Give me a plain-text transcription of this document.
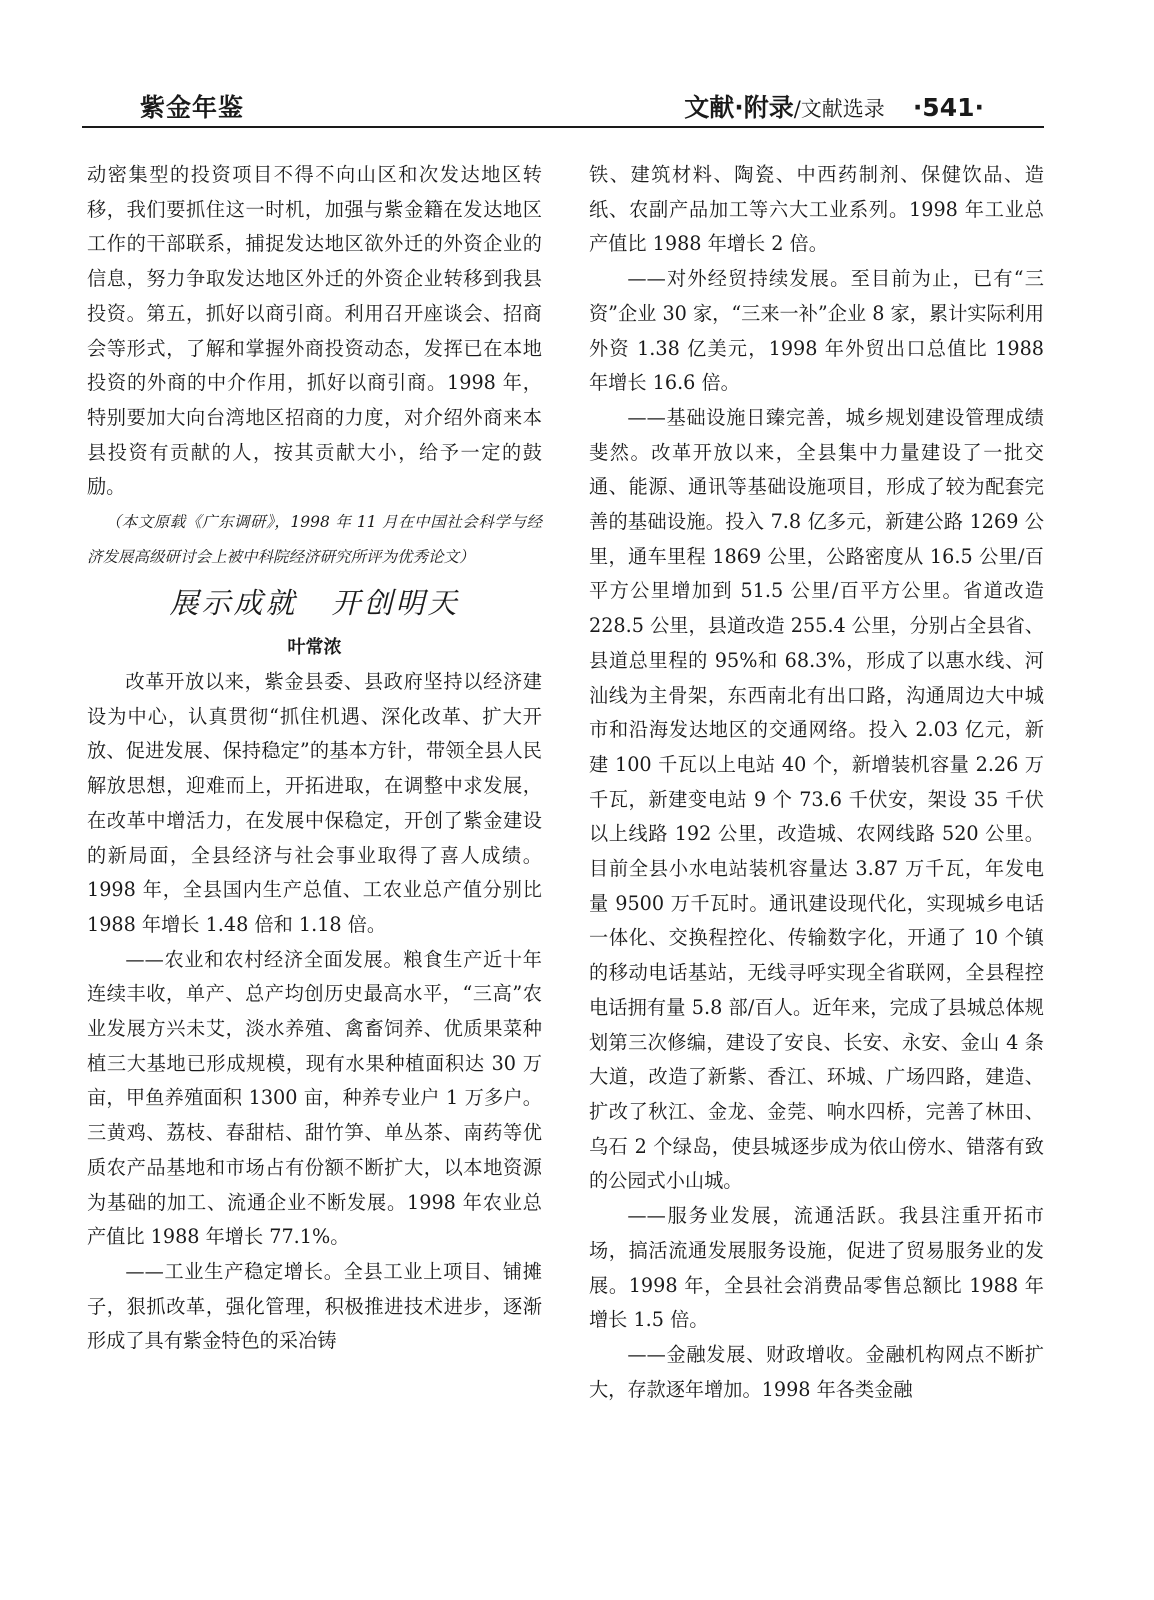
紫金年鉴	文献·附录/文献选录 ·541·

动密集型的投资项目不得不向山区和次发达地区转移，我们要抓住这一时机，加强与紫金籍在发达地区工作的干部联系，捕捉发达地区欲外迁的外资企业的信息，努力争取发达地区外迁的外资企业转移到我县投资。第五，抓好以商引商。利用召开座谈会、招商会等形式，了解和掌握外商投资动态，发挥已在本地投资的外商的中介作用，抓好以商引商。1998 年，特别要加大向台湾地区招商的力度，对介绍外商来本县投资有贡献的人，按其贡献大小，给予一定的鼓励。

（本文原载《广东调研》，1998 年 11 月在中国社会科学与经济发展高级研讨会上被中科院经济研究所评为优秀论文）

展示成就 开创明天

叶常浓

改革开放以来，紫金县委、县政府坚持以经济建设为中心，认真贯彻“抓住机遇、深化改革、扩大开放、促进发展、保持稳定”的基本方针，带领全县人民解放思想，迎难而上，开拓进取，在调整中求发展，在改革中增活力，在发展中保稳定，开创了紫金建设的新局面，全县经济与社会事业取得了喜人成绩。1998 年，全县国内生产总值、工农业总产值分别比 1988 年增长 1.48 倍和 1.18 倍。

——农业和农村经济全面发展。粮食生产近十年连续丰收，单产、总产均创历史最高水平，“三高”农业发展方兴未艾，淡水养殖、禽畜饲养、优质果菜种植三大基地已形成规模，现有水果种植面积达 30 万亩，甲鱼养殖面积 1300 亩，种养专业户 1 万多户。三黄鸡、荔枝、春甜桔、甜竹笋、单丛茶、南药等优质农产品基地和市场占有份额不断扩大，以本地资源为基础的加工、流通企业不断发展。1998 年农业总产值比 1988 年增长 77.1%。

——工业生产稳定增长。全县工业上项目、铺摊子，狠抓改革，强化管理，积极推进技术进步，逐渐形成了具有紫金特色的采冶铸

铁、建筑材料、陶瓷、中西药制剂、保健饮品、造纸、农副产品加工等六大工业系列。1998 年工业总产值比 1988 年增长 2 倍。

——对外经贸持续发展。至目前为止，已有“三资”企业 30 家，“三来一补”企业 8 家，累计实际利用外资 1.38 亿美元，1998 年外贸出口总值比 1988 年增长 16.6 倍。

——基础设施日臻完善，城乡规划建设管理成绩斐然。改革开放以来，全县集中力量建设了一批交通、能源、通讯等基础设施项目，形成了较为配套完善的基础设施。投入 7.8 亿多元，新建公路 1269 公里，通车里程 1869 公里，公路密度从 16.5 公里/百平方公里增加到 51.5 公里/百平方公里。省道改造 228.5 公里，县道改造 255.4 公里，分别占全县省、县道总里程的 95%和 68.3%，形成了以惠水线、河汕线为主骨架，东西南北有出口路，沟通周边大中城市和沿海发达地区的交通网络。投入 2.03 亿元，新建 100 千瓦以上电站 40 个，新增装机容量 2.26 万千瓦，新建变电站 9 个 73.6 千伏安，架设 35 千伏以上线路 192 公里，改造城、农网线路 520 公里。目前全县小水电站装机容量达 3.87 万千瓦，年发电量 9500 万千瓦时。通讯建设现代化，实现城乡电话一体化、交换程控化、传输数字化，开通了 10 个镇的移动电话基站，无线寻呼实现全省联网，全县程控电话拥有量 5.8 部/百人。近年来，完成了县城总体规划第三次修编，建设了安良、长安、永安、金山 4 条大道，改造了新紫、香江、环城、广场四路，建造、扩改了秋江、金龙、金莞、响水四桥，完善了林田、乌石 2 个绿岛，使县城逐步成为依山傍水、错落有致的公园式小山城。

——服务业发展，流通活跃。我县注重开拓市场，搞活流通发展服务设施，促进了贸易服务业的发展。1998 年，全县社会消费品零售总额比 1988 年增长 1.5 倍。

——金融发展、财政增收。金融机构网点不断扩大，存款逐年增加。1998 年各类金融
